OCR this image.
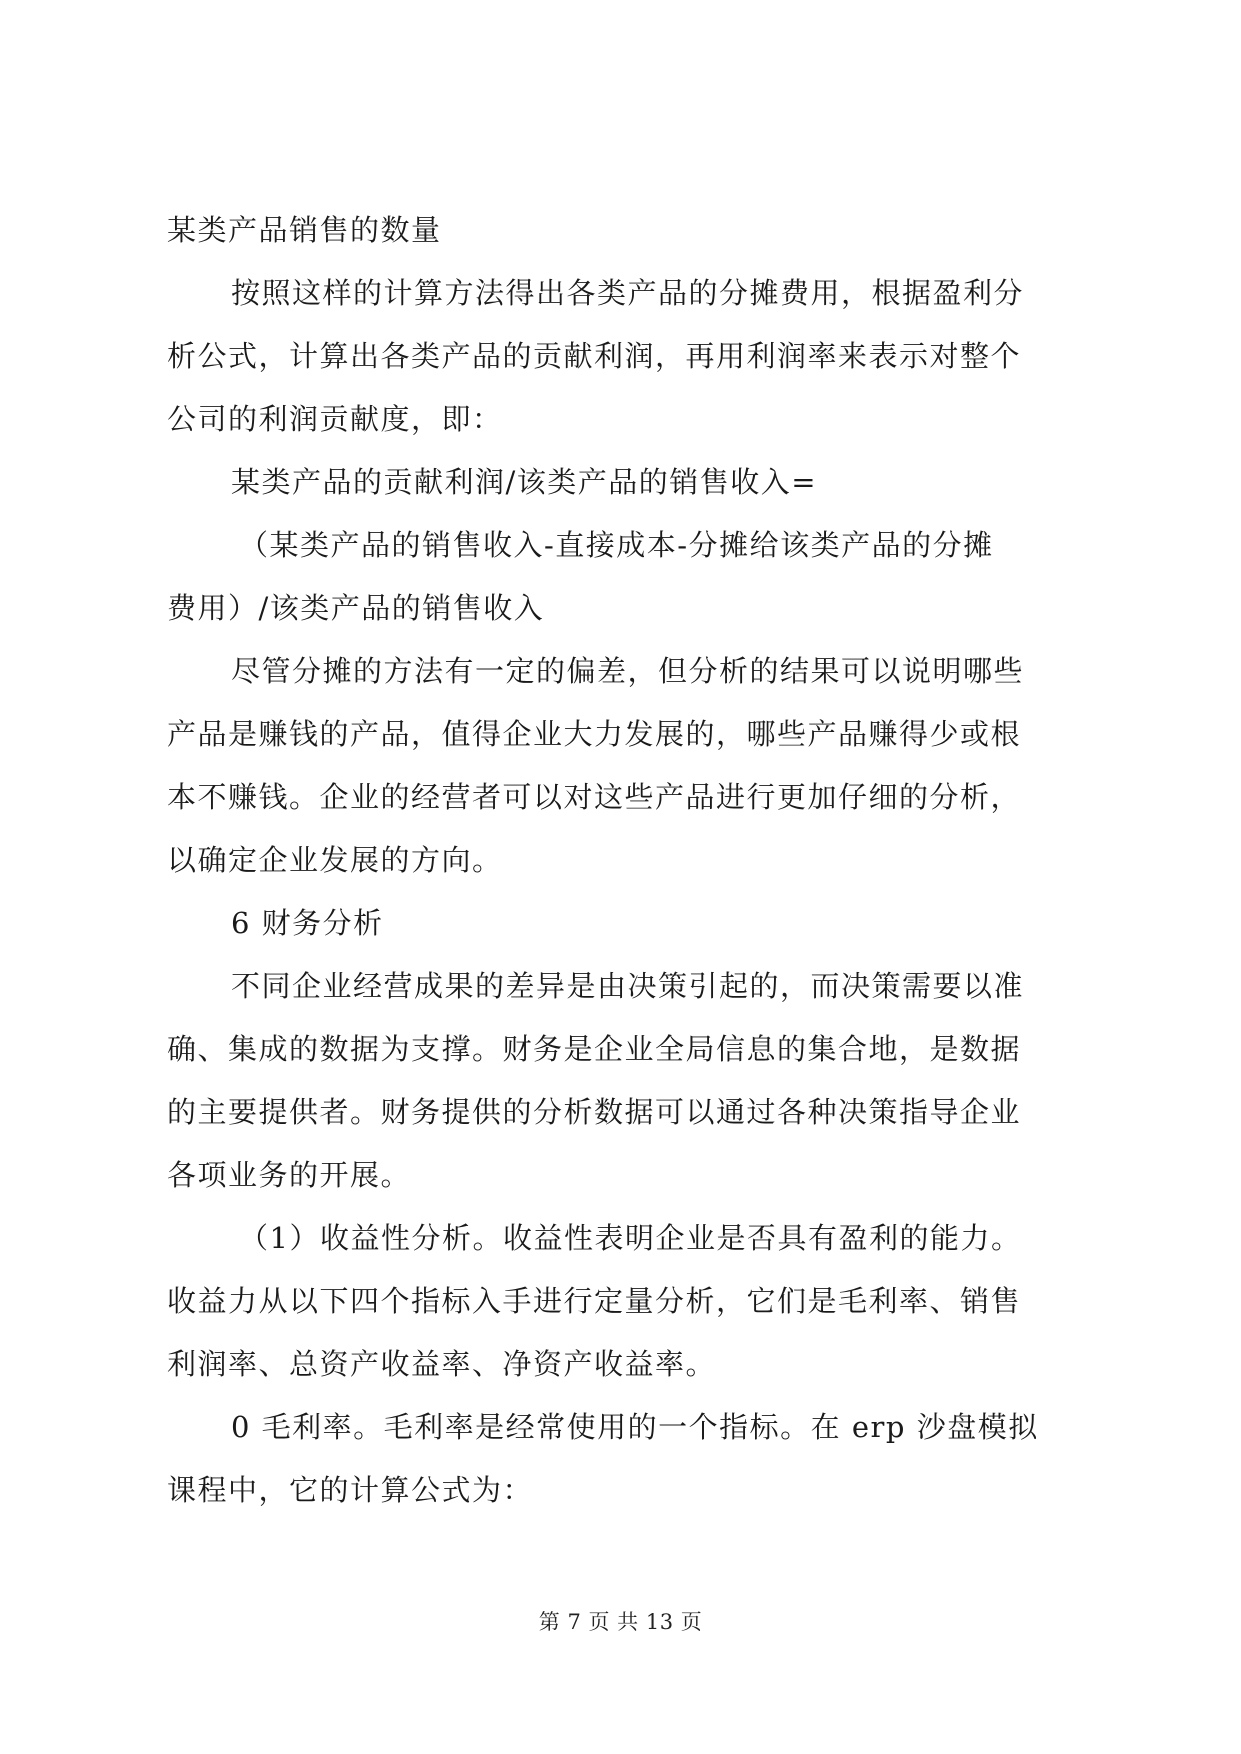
某类产品销售的数量
按照这样的计算方法得出各类产品的分摊费用，根据盈利分
析公式，计算出各类产品的贡献利润，再用利润率来表示对整个
公司的利润贡献度，即：
某类产品的贡献利润/该类产品的销售收入=
（某类产品的销售收入-直接成本-分摊给该类产品的分摊
费用）/该类产品的销售收入
尽管分摊的方法有一定的偏差，但分析的结果可以说明哪些
产品是赚钱的产品，值得企业大力发展的，哪些产品赚得少或根
本不赚钱。企业的经营者可以对这些产品进行更加仔细的分析，
以确定企业发展的方向。
6 财务分析
不同企业经营成果的差异是由决策引起的，而决策需要以准
确、集成的数据为支撑。财务是企业全局信息的集合地，是数据
的主要提供者。财务提供的分析数据可以通过各种决策指导企业
各项业务的开展。
（1）收益性分析。收益性表明企业是否具有盈利的能力。
收益力从以下四个指标入手进行定量分析，它们是毛利率、销售
利润率、总资产收益率、净资产收益率。
0 毛利率。毛利率是经常使用的一个指标。在 erp 沙盘模拟
课程中，它的计算公式为：
第 7 页 共 13 页
